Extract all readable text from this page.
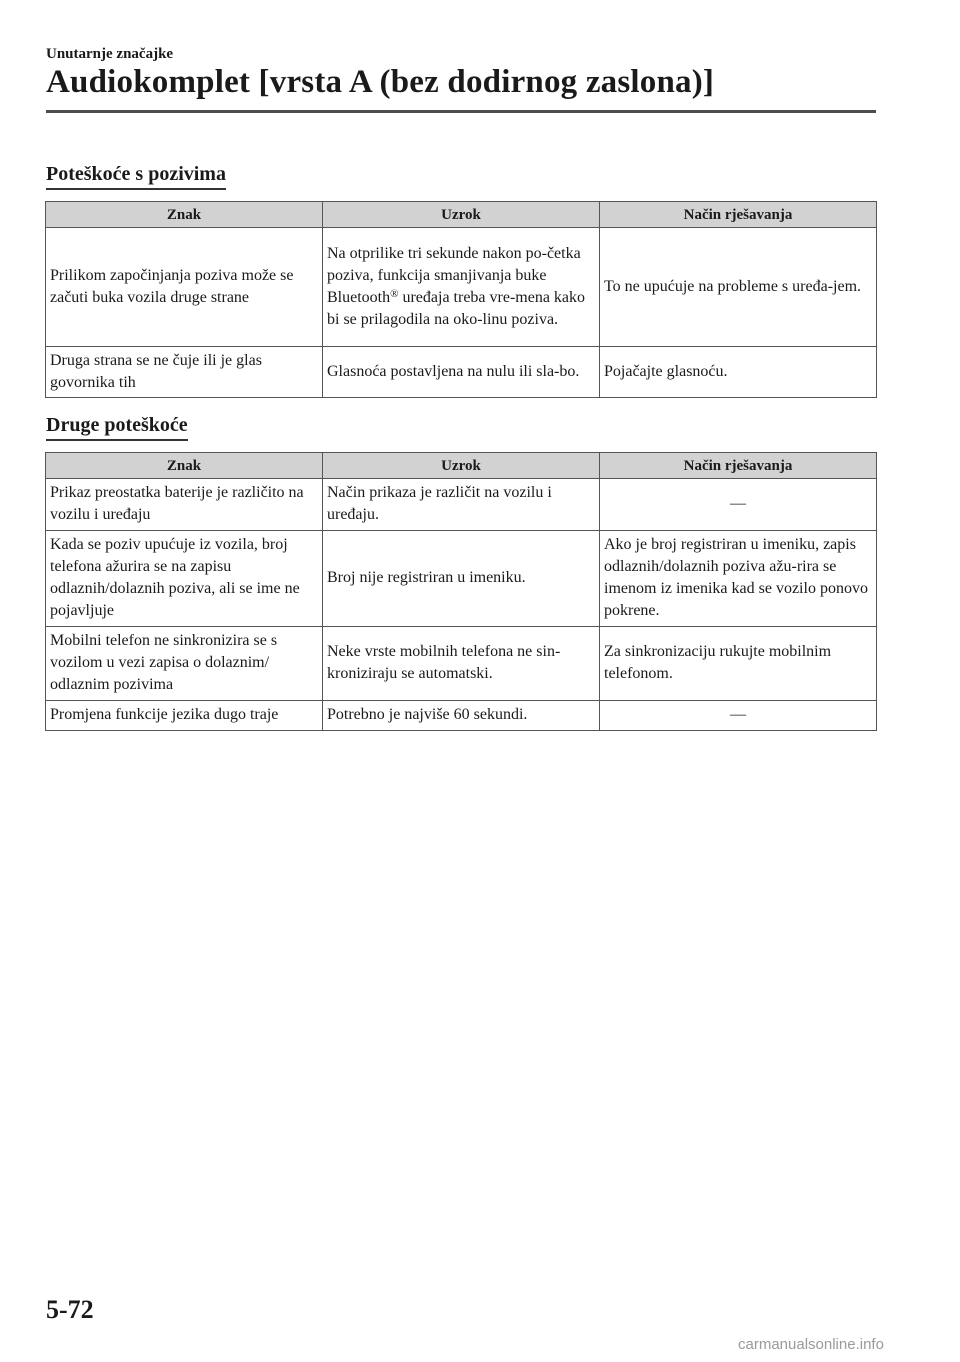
Unutarnje značajke
Audiokomplet [vrsta A (bez dodirnog zaslona)]
Poteškoće s pozivima
Znak	Uzrok	Način rješavanja
Prilikom započinjanja poziva može se začuti buka vozila druge strane	Na otprilike tri sekunde nakon po-četka poziva, funkcija smanjivanja buke Bluetooth® uređaja treba vre-mena kako bi se prilagodila na oko-linu poziva.	To ne upućuje na probleme s uređa-jem.
Druga strana se ne čuje ili je glas govornika tih	Glasnoća postavljena na nulu ili sla-bo.	Pojačajte glasnoću.
Druge poteškoće
Znak	Uzrok	Način rješavanja
Prikaz preostatka baterije je različito na vozilu i uređaju	Način prikaza je različit na vozilu i uređaju.	—
Kada se poziv upućuje iz vozila, broj telefona ažurira se na zapisu odlaznih/dolaznih poziva, ali se ime ne pojavljuje	Broj nije registriran u imeniku.	Ako je broj registriran u imeniku, zapis odlaznih/dolaznih poziva ažu-rira se imenom iz imenika kad se vozilo ponovo pokrene.
Mobilni telefon ne sinkronizira se s vozilom u vezi zapisa o dolaznim/ odlaznim pozivima	Neke vrste mobilnih telefona ne sin-kroniziraju se automatski.	Za sinkronizaciju rukujte mobilnim telefonom.
Promjena funkcije jezika dugo traje	Potrebno je najviše 60 sekundi.	—
5-72
carmanualsonline.info
